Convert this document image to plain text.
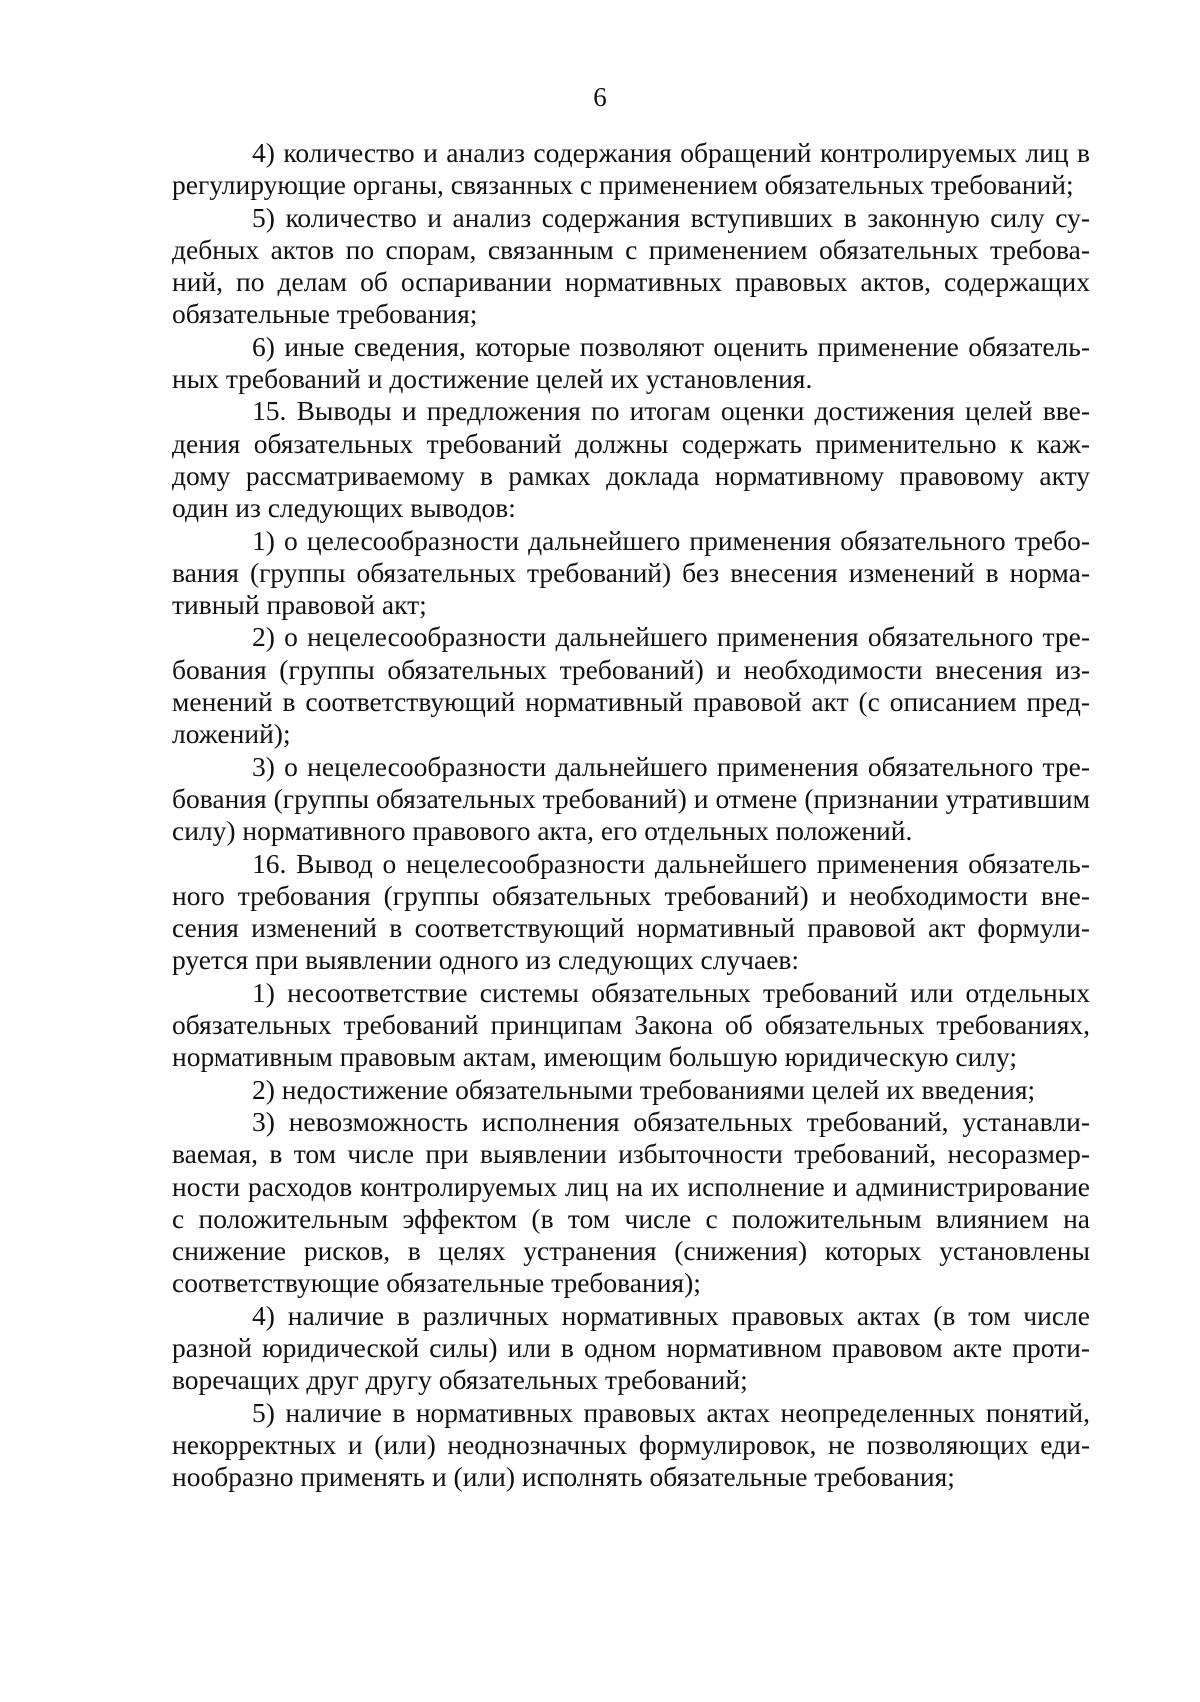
6

4) количество и анализ содержания обращений контролируемых лиц в регулирующие органы, связанных с применением обязательных требований;

5) количество и анализ содержания вступивших в законную силу судебных актов по спорам, связанным с применением обязательных требований, по делам об оспаривании нормативных правовых актов, содержащих обязательные требования;

6) иные сведения, которые позволяют оценить применение обязательных требований и достижение целей их установления.

15. Выводы и предложения по итогам оценки достижения целей введения обязательных требований должны содержать применительно к каждому рассматриваемому в рамках доклада нормативному правовому акту один из следующих выводов:

1) о целесообразности дальнейшего применения обязательного требования (группы обязательных требований) без внесения изменений в нормативный правовой акт;

2) о нецелесообразности дальнейшего применения обязательного требования (группы обязательных требований) и необходимости внесения изменений в соответствующий нормативный правовой акт (с описанием предложений);

3) о нецелесообразности дальнейшего применения обязательного требования (группы обязательных требований) и отмене (признании утратившим силу) нормативного правового акта, его отдельных положений.

16. Вывод о нецелесообразности дальнейшего применения обязательного требования (группы обязательных требований) и необходимости внесения изменений в соответствующий нормативный правовой акт формулируется при выявлении одного из следующих случаев:

1) несоответствие системы обязательных требований или отдельных обязательных требований принципам Закона об обязательных требованиях, нормативным правовым актам, имеющим большую юридическую силу;

2) недостижение обязательными требованиями целей их введения;

3) невозможность исполнения обязательных требований, устанавливаемая, в том числе при выявлении избыточности требований, несоразмерности расходов контролируемых лиц на их исполнение и администрирование с положительным эффектом (в том числе с положительным влиянием на снижение рисков, в целях устранения (снижения) которых установлены соответствующие обязательные требования);

4) наличие в различных нормативных правовых актах (в том числе разной юридической силы) или в одном нормативном правовом акте противоречащих друг другу обязательных требований;

5) наличие в нормативных правовых актах неопределенных понятий, некорректных и (или) неоднозначных формулировок, не позволяющих единообразно применять и (или) исполнять обязательные требования;
